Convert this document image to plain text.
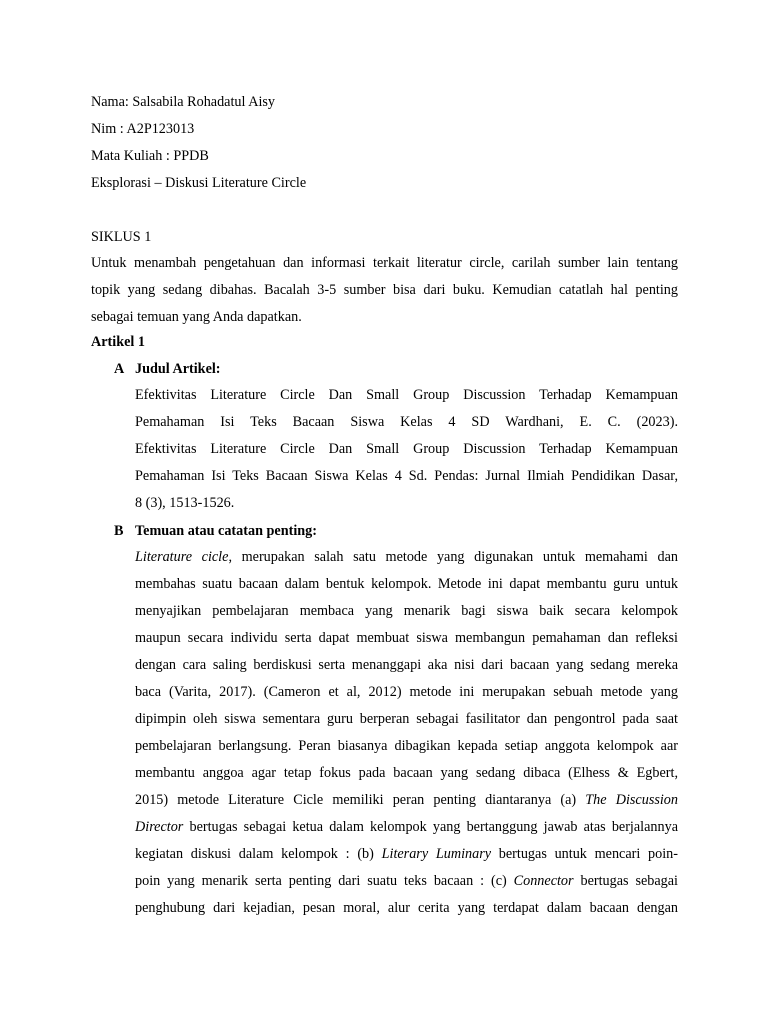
Nama: Salsabila Rohadatul Aisy
Nim : A2P123013
Mata Kuliah : PPDB
Eksplorasi – Diskusi Literature Circle
SIKLUS 1
Untuk menambah pengetahuan dan informasi terkait literatur circle, carilah sumber lain tentang
topik yang sedang dibahas. Bacalah 3-5 sumber bisa dari buku. Kemudian catatlah hal penting
sebagai temuan yang Anda dapatkan.
Artikel 1
A Judul Artikel:
Efektivitas Literature Circle Dan Small Group Discussion Terhadap Kemampuan
Pemahaman Isi Teks Bacaan Siswa Kelas 4 SD Wardhani, E. C. (2023).
Efektivitas Literature Circle Dan Small Group Discussion Terhadap Kemampuan
Pemahaman Isi Teks Bacaan Siswa Kelas 4 Sd. Pendas: Jurnal Ilmiah Pendidikan Dasar,
8 (3), 1513-1526.
B Temuan atau catatan penting:
Literature cicle, merupakan salah satu metode yang digunakan untuk memahami dan
membahas suatu bacaan dalam bentuk kelompok. Metode ini dapat membantu guru untuk
menyajikan pembelajaran membaca yang menarik bagi siswa baik secara kelompok
maupun secara individu serta dapat membuat siswa membangun pemahaman dan refleksi
dengan cara saling berdiskusi serta menanggapi aka nisi dari bacaan yang sedang mereka
baca (Varita, 2017). (Cameron et al, 2012) metode ini merupakan sebuah metode yang
dipimpin oleh siswa sementara guru berperan sebagai fasilitator dan pengontrol pada saat
pembelajaran berlangsung. Peran biasanya dibagikan kepada setiap anggota kelompok aar
membantu anggoa agar tetap fokus pada bacaan yang sedang dibaca (Elhess & Egbert,
2015) metode Literature Cicle memiliki peran penting diantaranya (a) The Discussion
Director bertugas sebagai ketua dalam kelompok yang bertanggung jawab atas berjalannya
kegiatan diskusi dalam kelompok : (b) Literary Luminary bertugas untuk mencari poin-
poin yang menarik serta penting dari suatu teks bacaan : (c) Connector bertugas sebagai
penghubung dari kejadian, pesan moral, alur cerita yang terdapat dalam bacaan dengan
